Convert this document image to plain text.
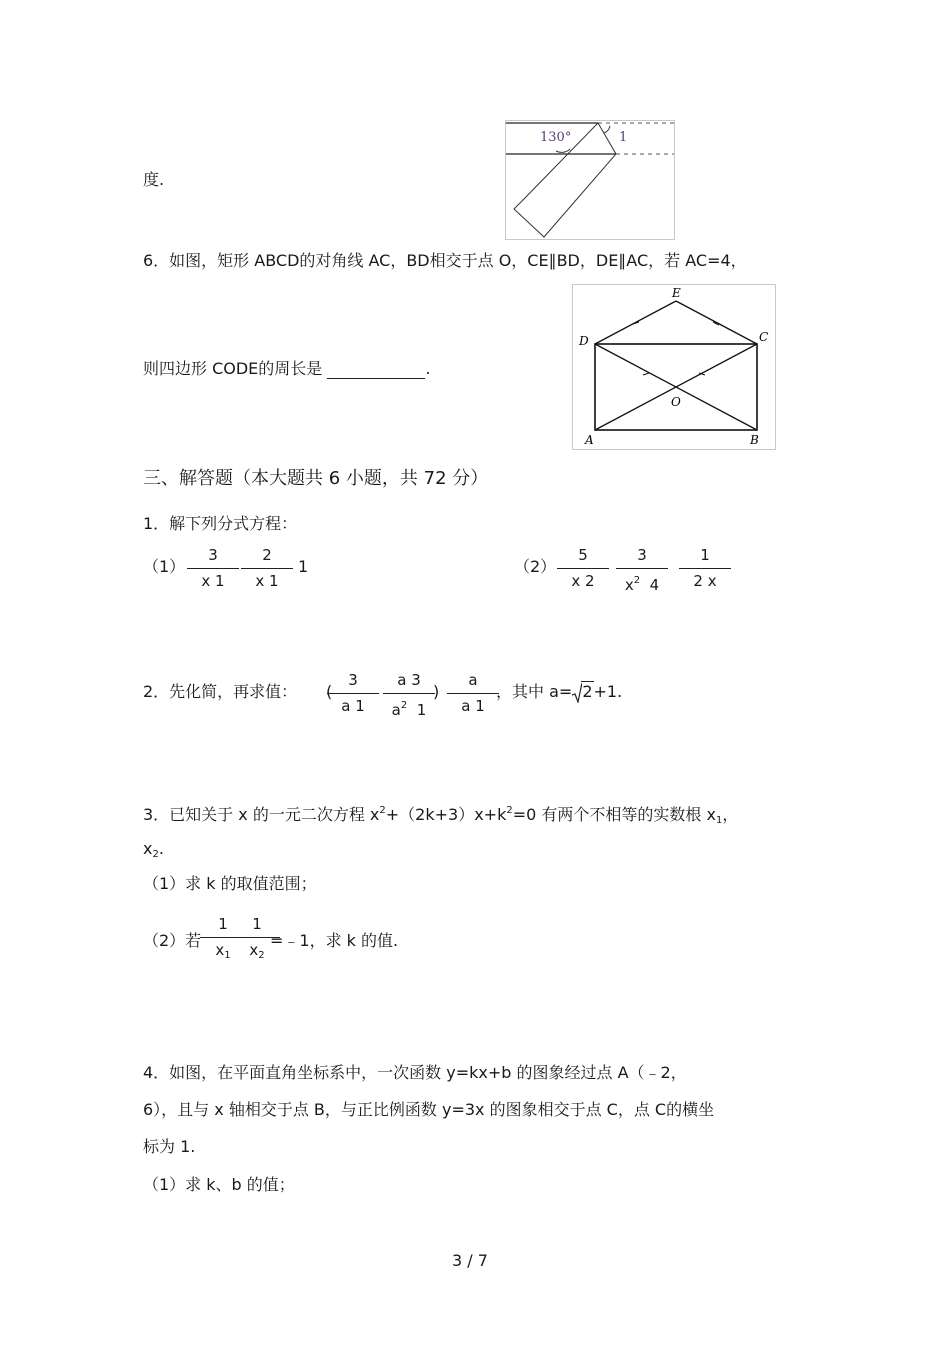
度.
130°	1
6．如图，矩形 ABCD的对角线 AC，BD相交于点 O，CE∥BD，DE∥AC，若 AC=4，
则四边形 CODE的周长是	.
E
D	C
O
A	B
三、解答题（本大题共 6 小题，共 72 分）
1．解下列分式方程：
（1）
3
x 1
2
x 1
1	（2）
5
x 2
3
$x^2$  4
1
2 x
2．先化简，再求值： (
3
a 1
a 3
$a^2$  1
)
a
a 1
，其中 a= 2+1.
3．已知关于 x 的一元二次方程 $x^2+(2k+3)x+k^2=0$ 有两个不相等的实数根 $x_1$，
$x_2$.
（1）求 k 的取值范围；
（2）若
1
$x_1$
1
$x_2$
=﹣1，求 k 的值.
4．如图，在平面直角坐标系中，一次函数 y=kx+b 的图象经过点 A（﹣2，
6），且与 x 轴相交于点 B，与正比例函数 y=3x 的图象相交于点 C，点 C的横坐
标为 1.
（1）求 k、b 的值；
3 / 7
